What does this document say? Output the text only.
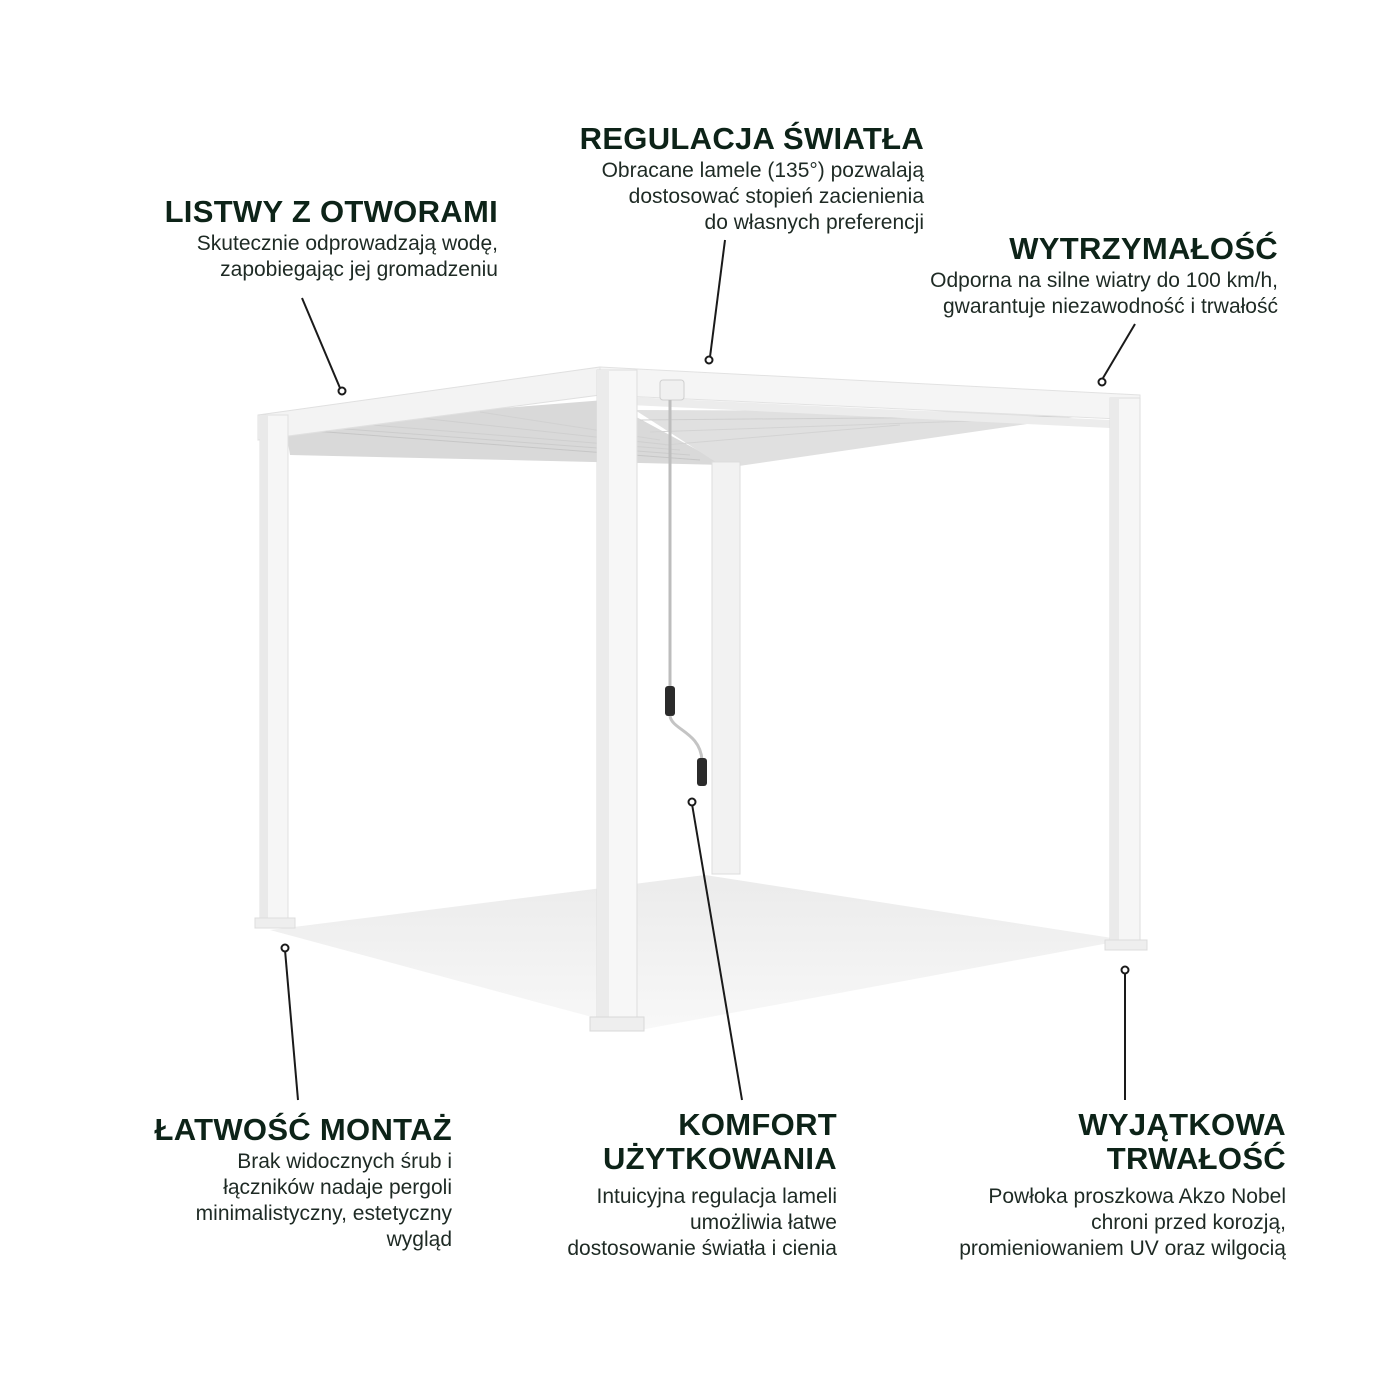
LISTWY Z OTWORAMI

Skutecznie odprowadzają wodę,
zapobiegając jej gromadzeniu

REGULACJA ŚWIATŁA

Obracane lamele (135°) pozwalają
dostosować stopień zacienienia
do własnych preferencji

WYTRZYMAŁOŚĆ

Odporna na silne wiatry do 100 km/h,
gwarantuje niezawodność i trwałość

ŁATWOŚĆ MONTAŻ

Brak widocznych śrub i
łączników nadaje pergoli
minimalistyczny, estetyczny
wygląd

KOMFORT
UŻYTKOWANIA

Intuicyjna regulacja lameli
umożliwia łatwe
dostosowanie światła i cienia

WYJĄTKOWA
TRWAŁOŚĆ

Powłoka proszkowa Akzo Nobel
chroni przed korozją,
promieniowaniem UV oraz wilgocią
